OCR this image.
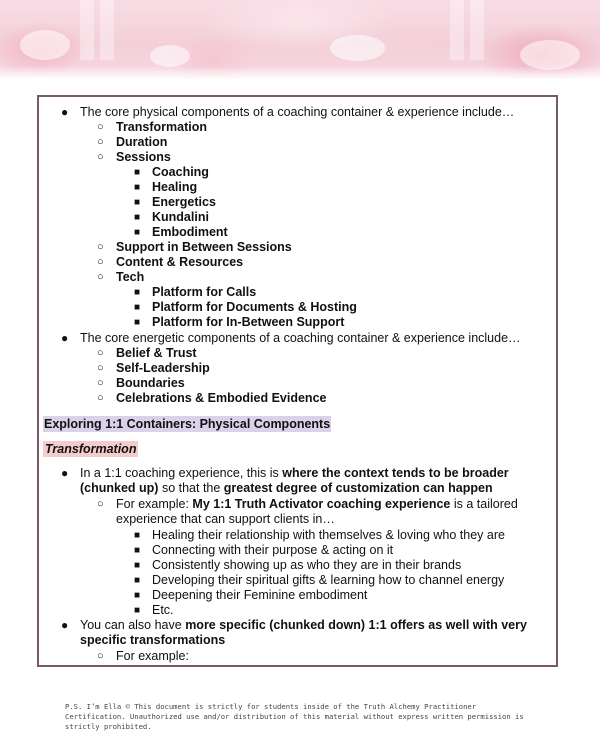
● The core physical components of a coaching container & experience include…
○ Transformation
○ Duration
○ Sessions
■ Coaching
■ Healing
■ Energetics
■ Kundalini
■ Embodiment
○ Support in Between Sessions
○ Content & Resources
○ Tech
■ Platform for Calls
■ Platform for Documents & Hosting
■ Platform for In-Between Support
● The core energetic components of a coaching container & experience include…
○ Belief & Trust
○ Self-Leadership
○ Boundaries
○ Celebrations & Embodied Evidence
Exploring 1:1 Containers: Physical Components
Transformation
● In a 1:1 coaching experience, this is where the context tends to be broader (chunked up) so that the greatest degree of customization can happen
○ For example: My 1:1 Truth Activator coaching experience is a tailored experience that can support clients in…
■ Healing their relationship with themselves & loving who they are
■ Connecting with their purpose & acting on it
■ Consistently showing up as who they are in their brands
■ Developing their spiritual gifts & learning how to channel energy
■ Deepening their Feminine embodiment
■ Etc.
● You can also have more specific (chunked down) 1:1 offers as well with very specific transformations
○ For example:
P.S. I’m Ella © This document is strictly for students inside of the Truth Alchemy Practitioner Certification. Unauthorized use and/or distribution of this material without express written permission is strictly prohibited.
